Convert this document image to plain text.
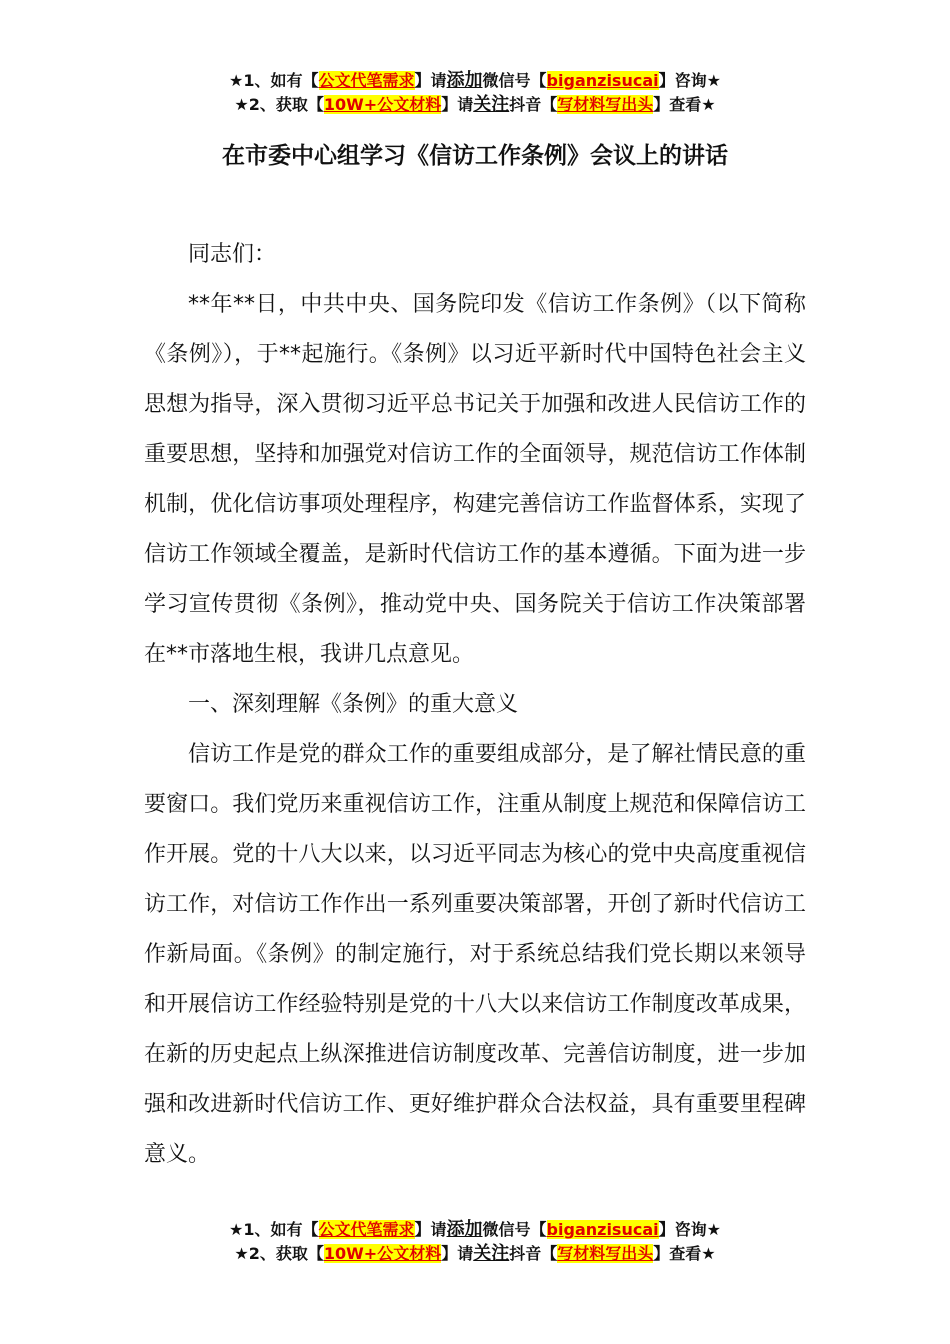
★1、如有【公文代笔需求】请添加微信号【biganzisucai】咨询★
★2、获取【10W+公文材料】请关注抖音【写材料写出头】查看★
在市委中心组学习《信访工作条例》会议上的讲话

同志们：

**年**日，中共中央、国务院印发《信访工作条例》（以下简称《条例》），于**起施行。《条例》以习近平新时代中国特色社会主义思想为指导，深入贯彻习近平总书记关于加强和改进人民信访工作的重要思想，坚持和加强党对信访工作的全面领导，规范信访工作体制机制，优化信访事项处理程序，构建完善信访工作监督体系，实现了信访工作领域全覆盖，是新时代信访工作的基本遵循。下面为进一步学习宣传贯彻《条例》，推动党中央、国务院关于信访工作决策部署在**市落地生根，我讲几点意见。

一、深刻理解《条例》的重大意义

信访工作是党的群众工作的重要组成部分，是了解社情民意的重要窗口。我们党历来重视信访工作，注重从制度上规范和保障信访工作开展。党的十八大以来，以习近平同志为核心的党中央高度重视信访工作，对信访工作作出一系列重要决策部署，开创了新时代信访工作新局面。《条例》的制定施行，对于系统总结我们党长期以来领导和开展信访工作经验特别是党的十八大以来信访工作制度改革成果，在新的历史起点上纵深推进信访制度改革、完善信访制度，进一步加强和改进新时代信访工作、更好维护群众合法权益，具有重要里程碑意义。

★1、如有【公文代笔需求】请添加微信号【biganzisucai】咨询★
★2、获取【10W+公文材料】请关注抖音【写材料写出头】查看★
